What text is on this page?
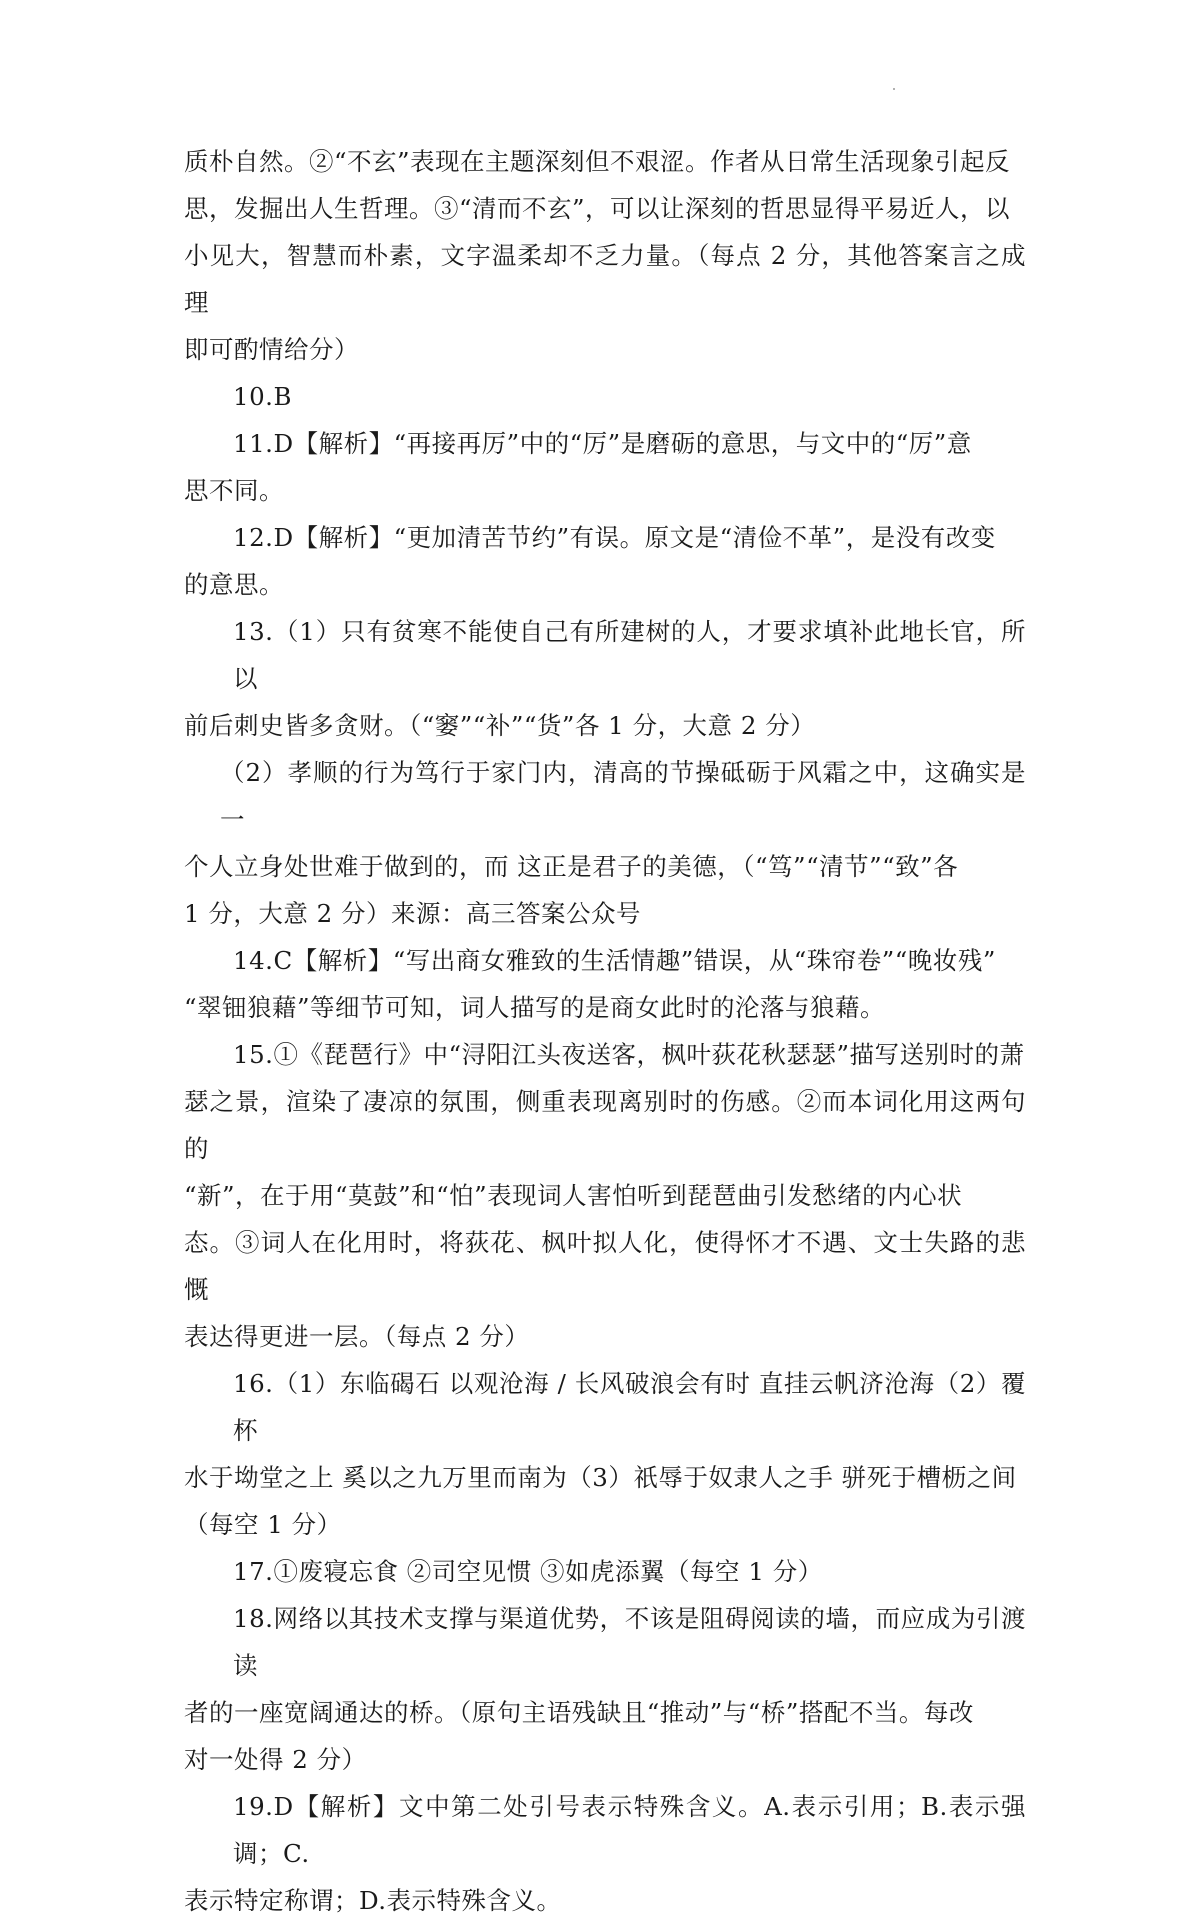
质朴自然。②“不玄”表现在主题深刻但不艰涩。作者从日常生活现象引起反
思，发掘出人生哲理。③“清而不玄”，可以让深刻的哲思显得平易近人，以
小见大，智慧而朴素，文字温柔却不乏力量。（每点 2 分，其他答案言之成理
即可酌情给分）
10.B
11.D【解析】“再接再厉”中的“厉”是磨砺的意思，与文中的“厉”意
思不同。
12.D【解析】“更加清苦节约”有误。原文是“清俭不革”，是没有改变
的意思。
13.（1）只有贫寒不能使自己有所建树的人，才要求填补此地长官，所以
前后刺史皆多贪财。（“窭”“补”“货”各 1 分，大意 2 分）
（2）孝顺的行为笃行于家门内，清高的节操砥砺于风霜之中，这确实是一
个人立身处世难于做到的，而 这正是君子的美德，（“笃”“清节”“致”各
1 分，大意 2 分）来源：高三答案公众号
14.C【解析】“写出商女雅致的生活情趣”错误，从“珠帘卷”“晚妆残”
“翠钿狼藉”等细节可知，词人描写的是商女此时的沦落与狼藉。
15.①《琵琶行》中“浔阳江头夜送客，枫叶荻花秋瑟瑟”描写送别时的萧
瑟之景，渲染了凄凉的氛围，侧重表现离别时的伤感。②而本词化用这两句的
“新”，在于用“莫鼓”和“怕”表现词人害怕听到琵琶曲引发愁绪的内心状
态。③词人在化用时，将荻花、枫叶拟人化，使得怀才不遇、文士失路的悲慨
表达得更进一层。（每点 2 分）
16.（1）东临碣石 以观沧海 / 长风破浪会有时 直挂云帆济沧海（2）覆杯
水于坳堂之上 奚以之九万里而南为（3）祇辱于奴隶人之手 骈死于槽枥之间
（每空 1 分）
17.①废寝忘食 ②司空见惯 ③如虎添翼（每空 1 分）
18.网络以其技术支撑与渠道优势，不该是阻碍阅读的墙，而应成为引渡读
者的一座宽阔通达的桥。（原句主语残缺且“推动”与“桥”搭配不当。每改
对一处得 2 分）
19.D【解析】文中第二处引号表示特殊含义。A.表示引用；B.表示强调；C.
表示特定称谓；D.表示特殊含义。
